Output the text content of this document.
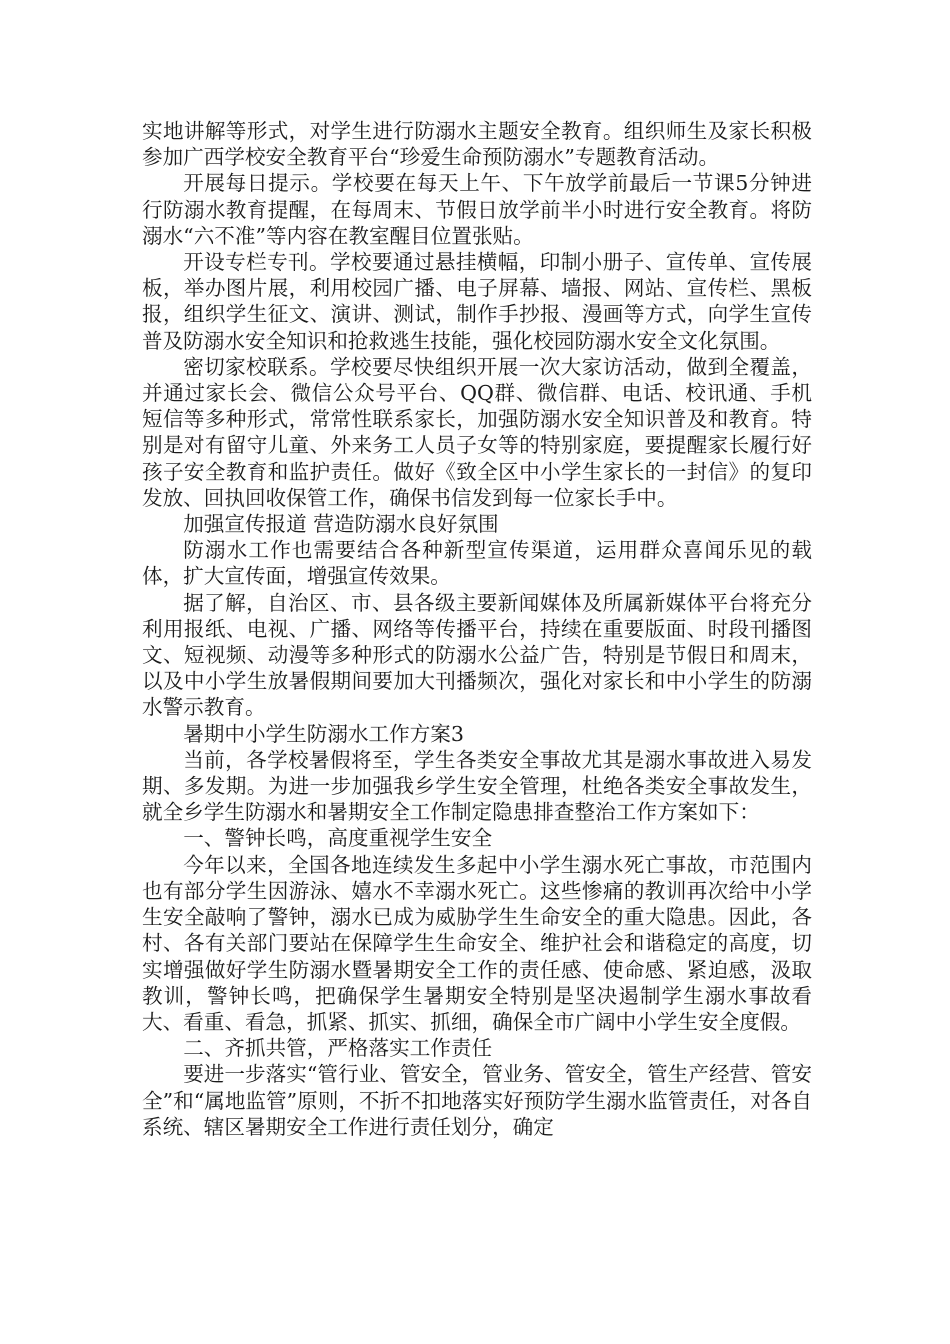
实地讲解等形式，对学生进行防溺水主题安全教育。组织师生及家长积极参加广西学校安全教育平台“珍爱生命预防溺水”专题教育活动。

开展每日提示。学校要在每天上午、下午放学前最后一节课5分钟进行防溺水教育提醒，在每周末、节假日放学前半小时进行安全教育。将防溺水“六不准”等内容在教室醒目位置张贴。

开设专栏专刊。学校要通过悬挂横幅，印制小册子、宣传单、宣传展板，举办图片展，利用校园广播、电子屏幕、墙报、网站、宣传栏、黑板报，组织学生征文、演讲、测试，制作手抄报、漫画等方式，向学生宣传普及防溺水安全知识和抢救逃生技能，强化校园防溺水安全文化氛围。

密切家校联系。学校要尽快组织开展一次大家访活动，做到全覆盖，并通过家长会、微信公众号平台、QQ群、微信群、电话、校讯通、手机短信等多种形式，常常性联系家长，加强防溺水安全知识普及和教育。特别是对有留守儿童、外来务工人员子女等的特别家庭，要提醒家长履行好孩子安全教育和监护责任。做好《致全区中小学生家长的一封信》的复印发放、回执回收保管工作，确保书信发到每一位家长手中。

加强宣传报道 营造防溺水良好氛围

防溺水工作也需要结合各种新型宣传渠道，运用群众喜闻乐见的载体，扩大宣传面，增强宣传效果。

据了解，自治区、市、县各级主要新闻媒体及所属新媒体平台将充分利用报纸、电视、广播、网络等传播平台，持续在重要版面、时段刊播图文、短视频、动漫等多种形式的防溺水公益广告，特别是节假日和周末，以及中小学生放暑假期间要加大刊播频次，强化对家长和中小学生的防溺水警示教育。

暑期中小学生防溺水工作方案3

当前，各学校暑假将至，学生各类安全事故尤其是溺水事故进入易发期、多发期。为进一步加强我乡学生安全管理，杜绝各类安全事故发生，就全乡学生防溺水和暑期安全工作制定隐患排查整治工作方案如下：

一、警钟长鸣，高度重视学生安全

今年以来，全国各地连续发生多起中小学生溺水死亡事故，市范围内也有部分学生因游泳、嬉水不幸溺水死亡。这些惨痛的教训再次给中小学生安全敲响了警钟，溺水已成为威胁学生生命安全的重大隐患。因此，各村、各有关部门要站在保障学生生命安全、维护社会和谐稳定的高度，切实增强做好学生防溺水暨暑期安全工作的责任感、使命感、紧迫感，汲取教训，警钟长鸣，把确保学生暑期安全特别是坚决遏制学生溺水事故看大、看重、看急，抓紧、抓实、抓细，确保全市广阔中小学生安全度假。

二、齐抓共管，严格落实工作责任

要进一步落实“管行业、管安全，管业务、管安全，管生产经营、管安全”和“属地监管”原则，不折不扣地落实好预防学生溺水监管责任，对各自系统、辖区暑期安全工作进行责任划分，确定
